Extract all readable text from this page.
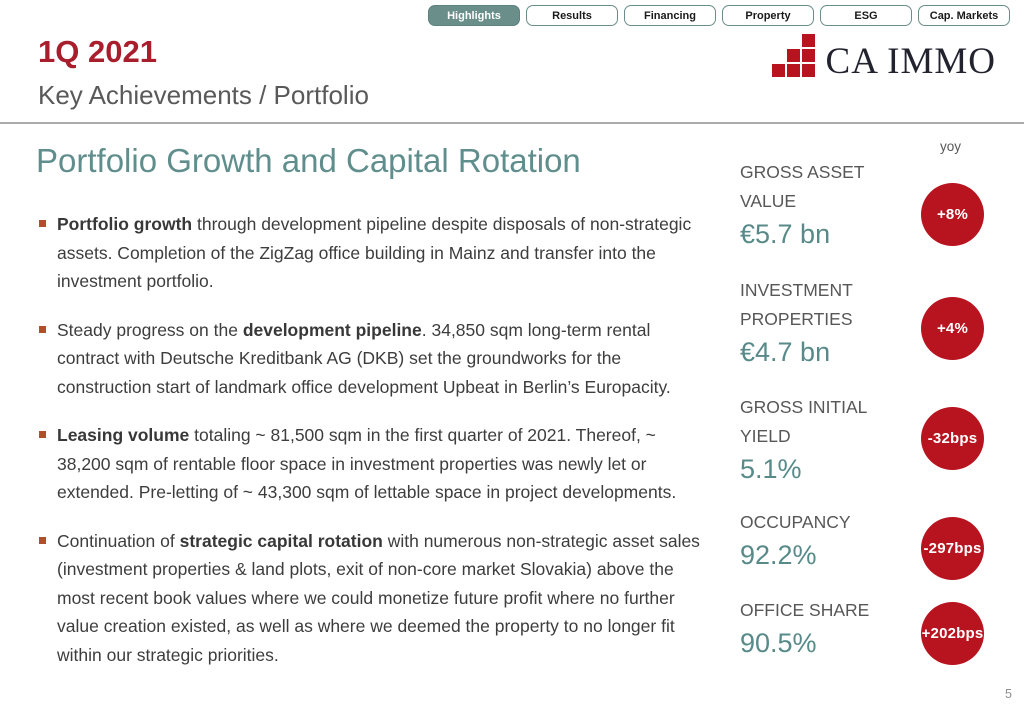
Highlights	Results	Financing	Property	ESG	Cap. Markets
1Q 2021
Key Achievements / Portfolio
CA IMMO
Portfolio Growth and Capital Rotation
Portfolio growth through development pipeline despite disposals of non-strategic assets. Completion of the ZigZag office building in Mainz and transfer into the investment portfolio.
Steady progress on the development pipeline. 34,850 sqm long-term rental contract with Deutsche Kreditbank AG (DKB) set the groundworks for the construction start of landmark office development Upbeat in Berlin’s Europacity.
Leasing volume totaling ~ 81,500 sqm in the first quarter of 2021. Thereof, ~ 38,200 sqm of rentable floor space in investment properties was newly let or extended. Pre-letting of ~ 43,300 sqm of lettable space in project developments.
Continuation of strategic capital rotation with numerous non-strategic asset sales (investment properties & land plots, exit of non-core market Slovakia) above the most recent book values where we could monetize future profit where no further value creation existed, as well as where we deemed the property to no longer fit within our strategic priorities.
yoy
GROSS ASSET VALUE
€5.7 bn
+8%
INVESTMENT PROPERTIES
€4.7 bn
+4%
GROSS INITIAL YIELD
5.1%
-32bps
OCCUPANCY
92.2%	-297bps
OFFICE SHARE
90.5%	+202bps
5
